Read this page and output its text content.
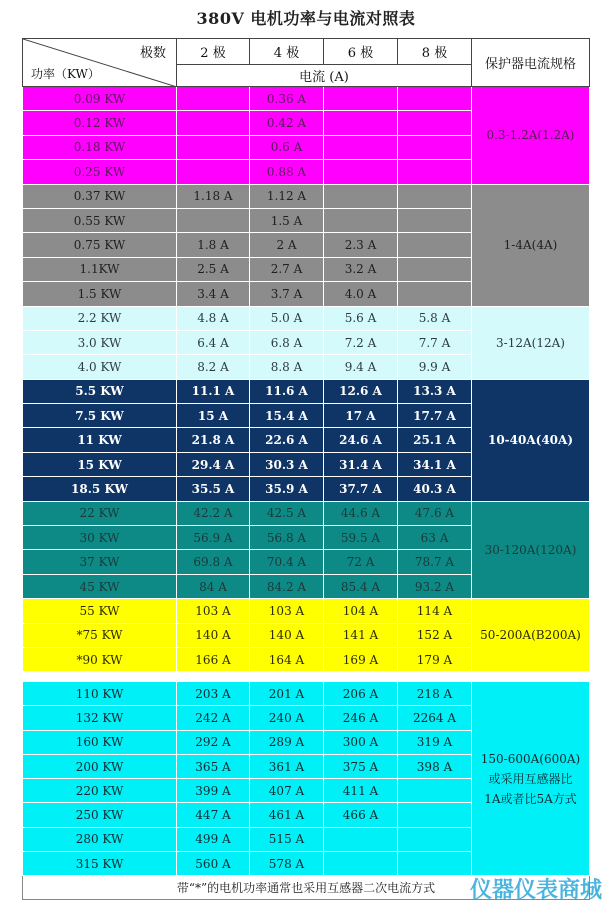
380V 电机功率与电流对照表
极数
功率（KW）	2 极	4 极	6 极	8 极	保护器电流规格
	电流 (A)				
0.09 KW		0.36 A			0.3-1.2A(1.2A)
0.12 KW		0.42 A			
0.18 KW		0.6 A			
0.25 KW		0.88 A			
0.37 KW	1.18 A	1.12 A			1-4A(4A)
0.55 KW		1.5 A			
0.75 KW	1.8 A	2 A	2.3 A		
1.1KW	2.5 A	2.7 A	3.2 A		
1.5 KW	3.4 A	3.7 A	4.0 A		
2.2 KW	4.8 A	5.0 A	5.6 A	5.8 A	3-12A(12A)
3.0 KW	6.4 A	6.8 A	7.2 A	7.7 A	
4.0 KW	8.2 A	8.8 A	9.4 A	9.9 A	
5.5 KW	11.1 A	11.6 A	12.6 A	13.3 A	10-40A(40A)
7.5 KW	15 A	15.4 A	17 A	17.7 A	
11 KW	21.8 A	22.6 A	24.6 A	25.1 A	
15 KW	29.4 A	30.3 A	31.4 A	34.1 A	
18.5 KW	35.5 A	35.9 A	37.7 A	40.3 A	
22 KW	42.2 A	42.5 A	44.6 A	47.6 A	30-120A(120A)
30 KW	56.9 A	56.8 A	59.5 A	63 A	
37 KW	69.8 A	70.4 A	72 A	78.7 A	
45 KW	84 A	84.2 A	85.4 A	93.2 A	
55 KW	103 A	103 A	104 A	114 A	50-200A(B200A)
*75 KW	140 A	140 A	141 A	152 A	
*90 KW	166 A	164 A	169 A	179 A	
110 KW	203 A	201 A	206 A	218 A	150-600A(600A)
或采用互感器比
1A或者比5A方式

132 KW	242 A	240 A	246 A	2264 A	
160 KW	292 A	289 A	300 A	319 A	
200 KW	365 A	361 A	375 A	398 A	
220 KW	399 A	407 A	411 A		
250 KW	447 A	461 A	466 A		
280 KW	499 A	515 A			
315 KW	560 A	578 A			
带“*”的电机功率通常也采用互感器二次电流方式					仪器仪表商城
